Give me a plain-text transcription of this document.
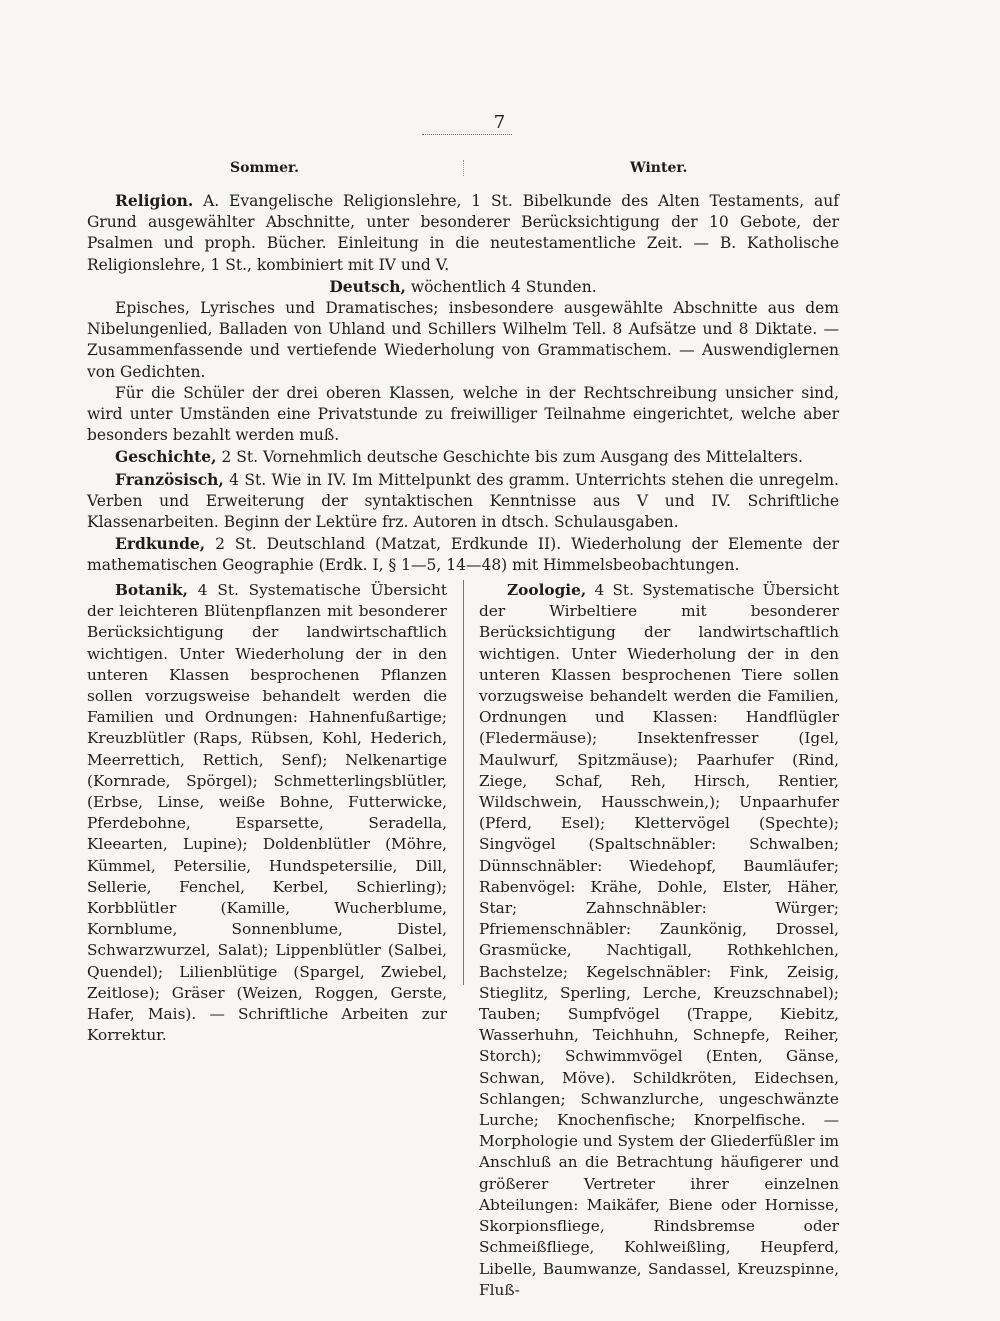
7
Sommer.	Winter.

Religion. A. Evangelische Religionslehre, 1 St. Bibelkunde des Alten Testaments, auf Grund ausgewählter Abschnitte, unter besonderer Berücksichtigung der 10 Gebote, der Psalmen und proph. Bücher. Einleitung in die neutestamentliche Zeit. — B. Katholische Religionslehre, 1 St., kombiniert mit IV und V.

Deutsch, wöchentlich 4 Stunden.

Episches, Lyrisches und Dramatisches; insbesondere ausgewählte Abschnitte aus dem Nibelungenlied, Balladen von Uhland und Schillers Wilhelm Tell. 8 Aufsätze und 8 Diktate. — Zusammenfassende und vertiefende Wiederholung von Grammatischem. — Auswendiglernen von Gedichten.

Für die Schüler der drei oberen Klassen, welche in der Rechtschreibung unsicher sind, wird unter Umständen eine Privatstunde zu freiwilliger Teilnahme eingerichtet, welche aber besonders bezahlt werden muß.

Geschichte, 2 St. Vornehmlich deutsche Geschichte bis zum Ausgang des Mittelalters.

Französisch, 4 St. Wie in IV. Im Mittelpunkt des gramm. Unterrichts stehen die unregelm. Verben und Erweiterung der syntaktischen Kenntnisse aus V und IV. Schriftliche Klassenarbeiten. Beginn der Lektüre frz. Autoren in dtsch. Schulausgaben.

Erdkunde, 2 St. Deutschland (Matzat, Erdkunde II). Wiederholung der Elemente der mathematischen Geographie (Erdk. I, § 1—5, 14—48) mit Himmelsbeobachtungen.

Botanik, 4 St. Systematische Übersicht der leichteren Blütenpflanzen mit besonderer Berücksichtigung der landwirtschaftlich wichtigen. Unter Wiederholung der in den unteren Klassen besprochenen Pflanzen sollen vorzugsweise behandelt werden die Familien und Ordnungen: Hahnenfußartige; Kreuzblütler (Raps, Rübsen, Kohl, Hederich, Meerrettich, Rettich, Senf); Nelkenartige (Kornrade, Spörgel); Schmetterlingsblütler, (Erbse, Linse, weiße Bohne, Futterwicke, Pferdebohne, Esparsette, Seradella, Kleearten, Lupine); Doldenblütler (Möhre, Kümmel, Petersilie, Hundspetersilie, Dill, Sellerie, Fenchel, Kerbel, Schierling); Korbblütler (Kamille, Wucherblume, Kornblume, Sonnenblume, Distel, Schwarzwurzel, Salat); Lippenblütler (Salbei, Quendel); Lilienblütige (Spargel, Zwiebel, Zeitlose); Gräser (Weizen, Roggen, Gerste, Hafer, Mais). — Schriftliche Arbeiten zur Korrektur.

Zoologie, 4 St. Systematische Übersicht der Wirbeltiere mit besonderer Berücksichtigung der landwirtschaftlich wichtigen. Unter Wiederholung der in den unteren Klassen besprochenen Tiere sollen vorzugsweise behandelt werden die Familien, Ordnungen und Klassen: Handflügler (Fledermäuse); Insektenfresser (Igel, Maulwurf, Spitzmäuse); Paarhufer (Rind, Ziege, Schaf, Reh, Hirsch, Rentier, Wildschwein, Hausschwein,); Unpaarhufer (Pferd, Esel); Klettervögel (Spechte); Singvögel (Spaltschnäbler: Schwalben; Dünnschnäbler: Wiedehopf, Baumläufer; Rabenvögel: Krähe, Dohle, Elster, Häher, Star; Zahnschnäbler: Würger; Pfriemenschnäbler: Zaunkönig, Drossel, Grasmücke, Nachtigall, Rothkehlchen, Bachstelze; Kegelschnäbler: Fink, Zeisig, Stieglitz, Sperling, Lerche, Kreuzschnabel); Tauben; Sumpfvögel (Trappe, Kiebitz, Wasserhuhn, Teichhuhn, Schnepfe, Reiher, Storch); Schwimmvögel (Enten, Gänse, Schwan, Möve). Schildkröten, Eidechsen, Schlangen; Schwanzlurche, ungeschwänzte Lurche; Knochenfische; Knorpelfische. — Morphologie und System der Gliederfüßler im Anschluß an die Betrachtung häufigerer und größerer Vertreter ihrer einzelnen Abteilungen: Maikäfer, Biene oder Hornisse, Skorpionsfliege, Rindsbremse oder Schmeißfliege, Kohlweißling, Heupferd, Libelle, Baumwanze, Sandassel, Kreuzspinne, Fluß-
